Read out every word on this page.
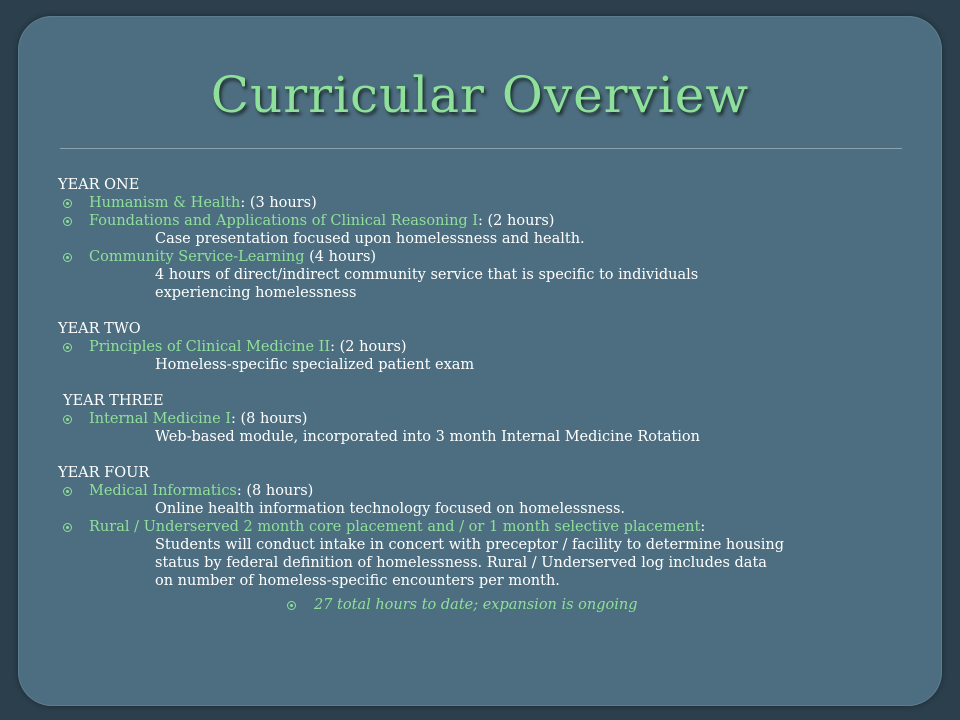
Curricular Overview
YEAR ONE
Humanism & Health: (3 hours)
Foundations and Applications of Clinical Reasoning I: (2 hours)
Case presentation focused upon homelessness and health.
Community Service-Learning (4 hours)
4 hours of direct/indirect community service that is specific to individuals
experiencing homelessness
YEAR TWO
Principles of Clinical Medicine II: (2 hours)
Homeless-specific specialized patient exam
YEAR THREE
Internal Medicine I: (8 hours)
Web-based module, incorporated into 3 month Internal Medicine Rotation
YEAR FOUR
Medical Informatics: (8 hours)
Online health information technology focused on homelessness.
Rural / Underserved 2 month core placement and / or 1 month selective placement:
Students will conduct intake in concert with preceptor / facility to determine housing
status by federal definition of homelessness. Rural / Underserved log includes data
on number of homeless-specific encounters per month.
27 total hours to date; expansion is ongoing
